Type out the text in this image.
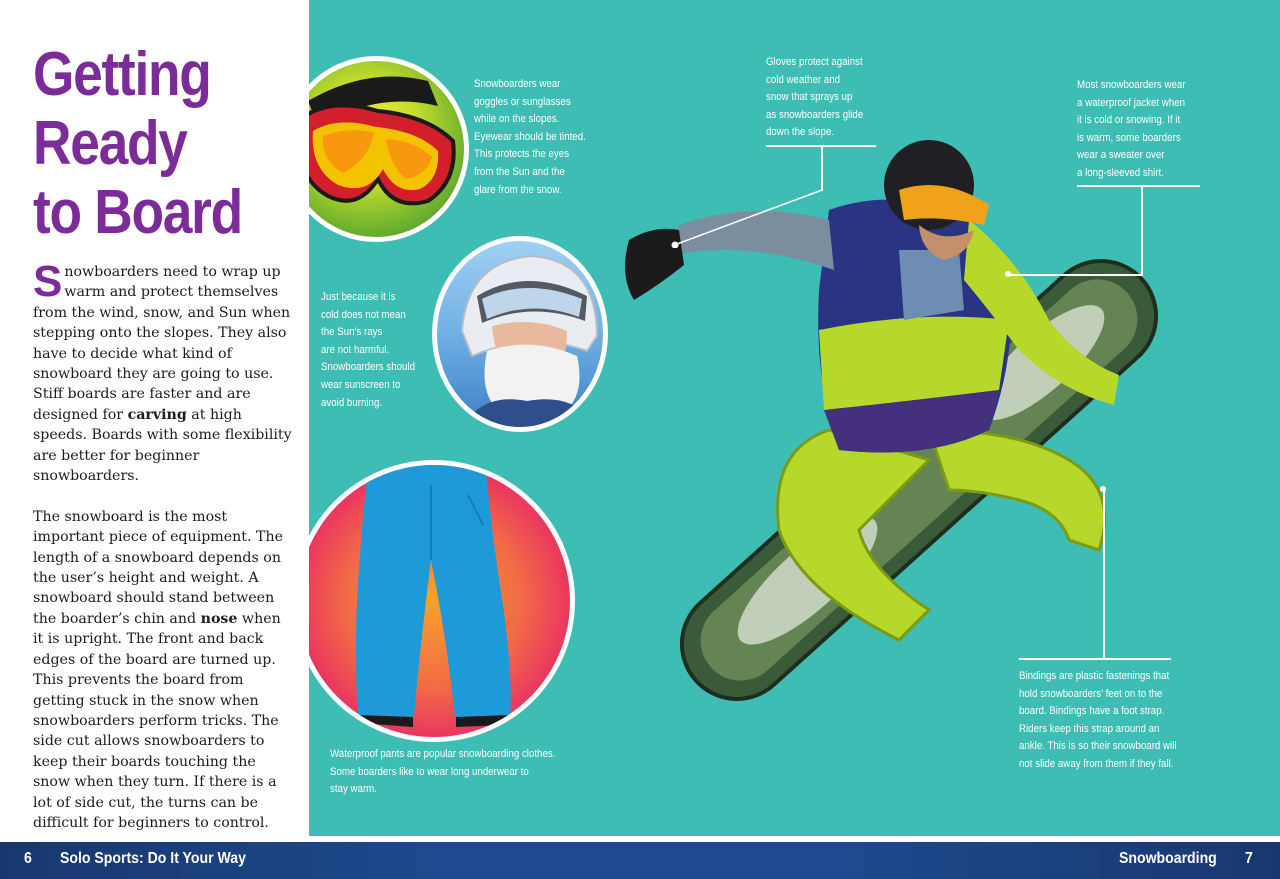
Getting
Ready
to Board

Snowboarders need to wrap up warm and protect themselves from the wind, snow, and Sun when stepping onto the slopes. They also have to decide what kind of snowboard they are going to use. Stiff boards are faster and are designed for carving at high speeds. Boards with some flexibility are better for beginner snowboarders.

The snowboard is the most important piece of equipment. The length of a snowboard depends on the user’s height and weight. A snowboard should stand between the boarder’s chin and nose when it is upright. The front and back edges of the board are turned up. This prevents the board from getting stuck in the snow when snowboarders perform tricks. The side cut allows snowboarders to keep their boards touching the snow when they turn. If there is a lot of side cut, the turns can be difficult for beginners to control.

Snowboarders wear
goggles or sunglasses
while on the slopes.
Eyewear should be tinted.
This protects the eyes
from the Sun and the
glare from the snow.
Gloves protect against
cold weather and
snow that sprays up
as snowboarders glide
down the slope.
Most snowboarders wear
a waterproof jacket when
it is cold or snowing. If it
is warm, some boarders
wear a sweater over
a long-sleeved shirt.
Just because it is
cold does not mean
the Sun’s rays
are not harmful.
Snowboarders should
wear sunscreen to
avoid burning.
Waterproof pants are popular snowboarding clothes.
Some boarders like to wear long underwear to
stay warm.
Bindings are plastic fastenings that
hold snowboarders’ feet on to the
board. Bindings have a foot strap.
Riders keep this strap around an
ankle. This is so their snowboard will
not slide away from them if they fall.
6 Solo Sports: Do It Your Way	Snowboarding 7
